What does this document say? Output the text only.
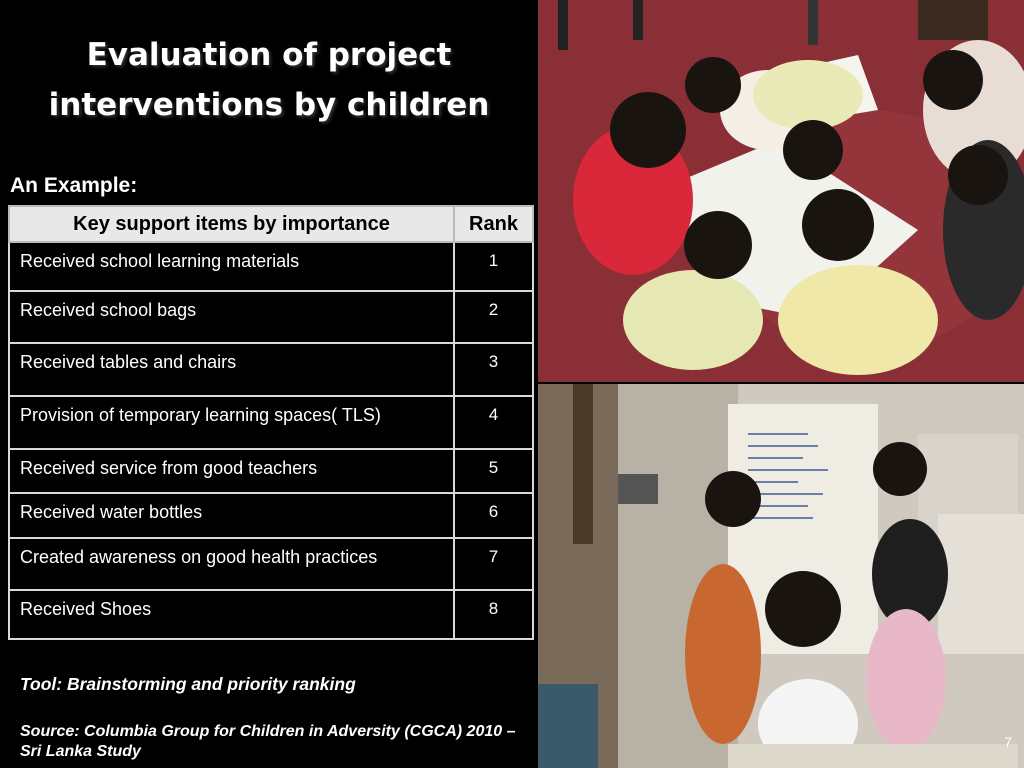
Evaluation of project interventions by children
An Example:
Key support items by importance	Rank
Received school learning materials	1
Received school bags	2
Received tables and chairs	3
Provision of temporary learning spaces( TLS)	4
Received service from good teachers	5
Received water bottles	6
Created awareness on good health practices	7
Received Shoes	8
Tool: Brainstorming and priority ranking
Source: Columbia Group for Children in Adversity (CGCA) 2010 – Sri Lanka Study
7
